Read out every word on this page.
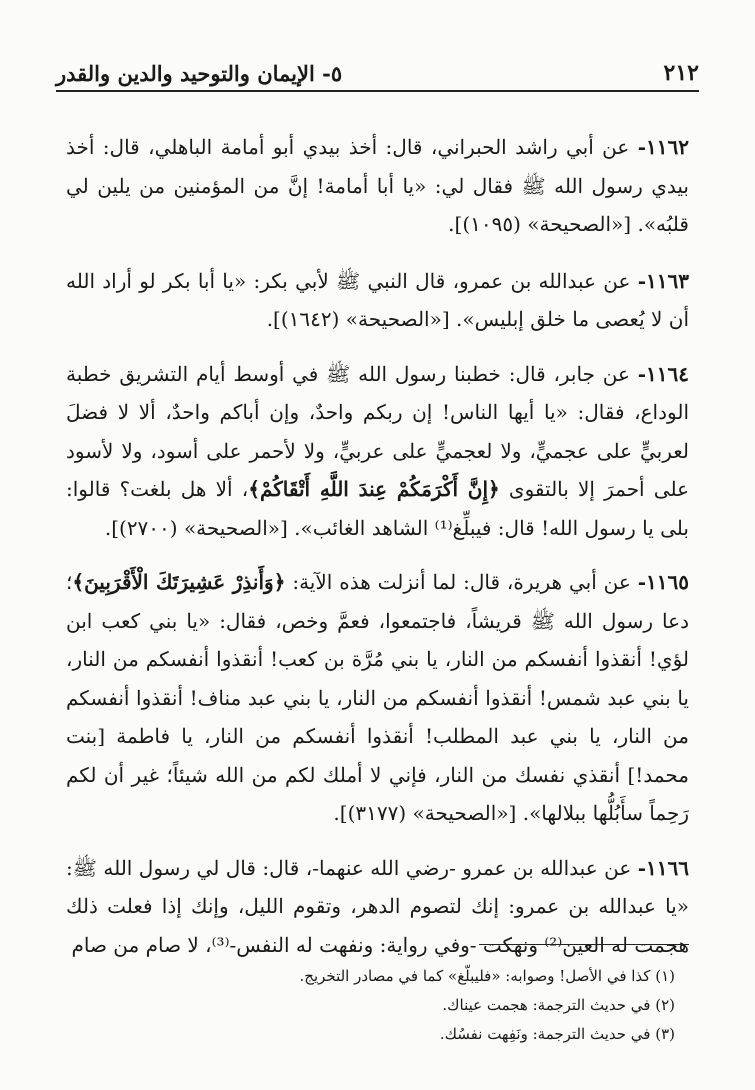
٢١٢
٥- الإيمان والتوحيد والدين والقدر

١١٦٢- عن أبي راشد الحبراني، قال: أخذ بيدي أبو أمامة الباهلي، قال: أخذ بيدي رسول الله ﷺ فقال لي: «يا أبا أمامة! إنَّ من المؤمنين من يلين لي قلبُه». [«الصحيحة» (١٠٩٥)].

١١٦٣- عن عبدالله بن عمرو، قال النبي ﷺ لأبي بكر: «يا أبا بكر لو أراد الله أن لا يُعصى ما خلق إبليس». [«الصحيحة» (١٦٤٢)].

١١٦٤- عن جابر، قال: خطبنا رسول الله ﷺ في أوسط أيام التشريق خطبة الوداع، فقال: «يا أيها الناس! إن ربكم واحدٌ، وإن أباكم واحدٌ، ألا لا فضلَ لعربيٍّ على عجميٍّ، ولا لعجميٍّ على عربيٍّ، ولا لأحمر على أسود، ولا لأسود على أحمرَ إلا بالتقوى ﴿إِنَّ أَكْرَمَكُمْ عِندَ اللَّهِ أَتْقَاكُمْ﴾، ألا هل بلغت؟ قالوا: بلى يا رسول الله! قال: فيبلِّغ⁽¹⁾ الشاهد الغائب». [«الصحيحة» (٢٧٠٠)].

١١٦٥- عن أبي هريرة، قال: لما أنزلت هذه الآية: ﴿وَأَنذِرْ عَشِيرَتَكَ الْأَقْرَبِينَ﴾؛ دعا رسول الله ﷺ قريشاً، فاجتمعوا، فعمَّ وخص، فقال: «يا بني كعب ابن لؤي! أنقذوا أنفسكم من النار، يا بني مُرَّة بن كعب! أنقذوا أنفسكم من النار، يا بني عبد شمس! أنقذوا أنفسكم من النار، يا بني عبد مناف! أنقذوا أنفسكم من النار، يا بني عبد المطلب! أنقذوا أنفسكم من النار، يا فاطمة [بنت محمد!] أنقذي نفسك من النار، فإني لا أملك لكم من الله شيئاً؛ غير أن لكم رَحِماً سأَبُلُّها ببلالها». [«الصحيحة» (٣١٧٧)].

١١٦٦- عن عبدالله بن عمرو -رضي الله عنهما-، قال: قال لي رسول الله ﷺ: «يا عبدالله بن عمرو: إنك لتصوم الدهر، وتقوم الليل، وإنك إذا فعلت ذلك هجمت له العين⁽²⁾ ونهكت -وفي رواية: ونفهت له النفس-⁽³⁾، لا صام من صام

(١) كذا في الأصل! وصوابه: «فليبلّغ» كما في مصادر التخريج.
(٢) في حديث الترجمة: هجمت عيناك.
(٣) في حديث الترجمة: ونَفِهت نفسُك.
